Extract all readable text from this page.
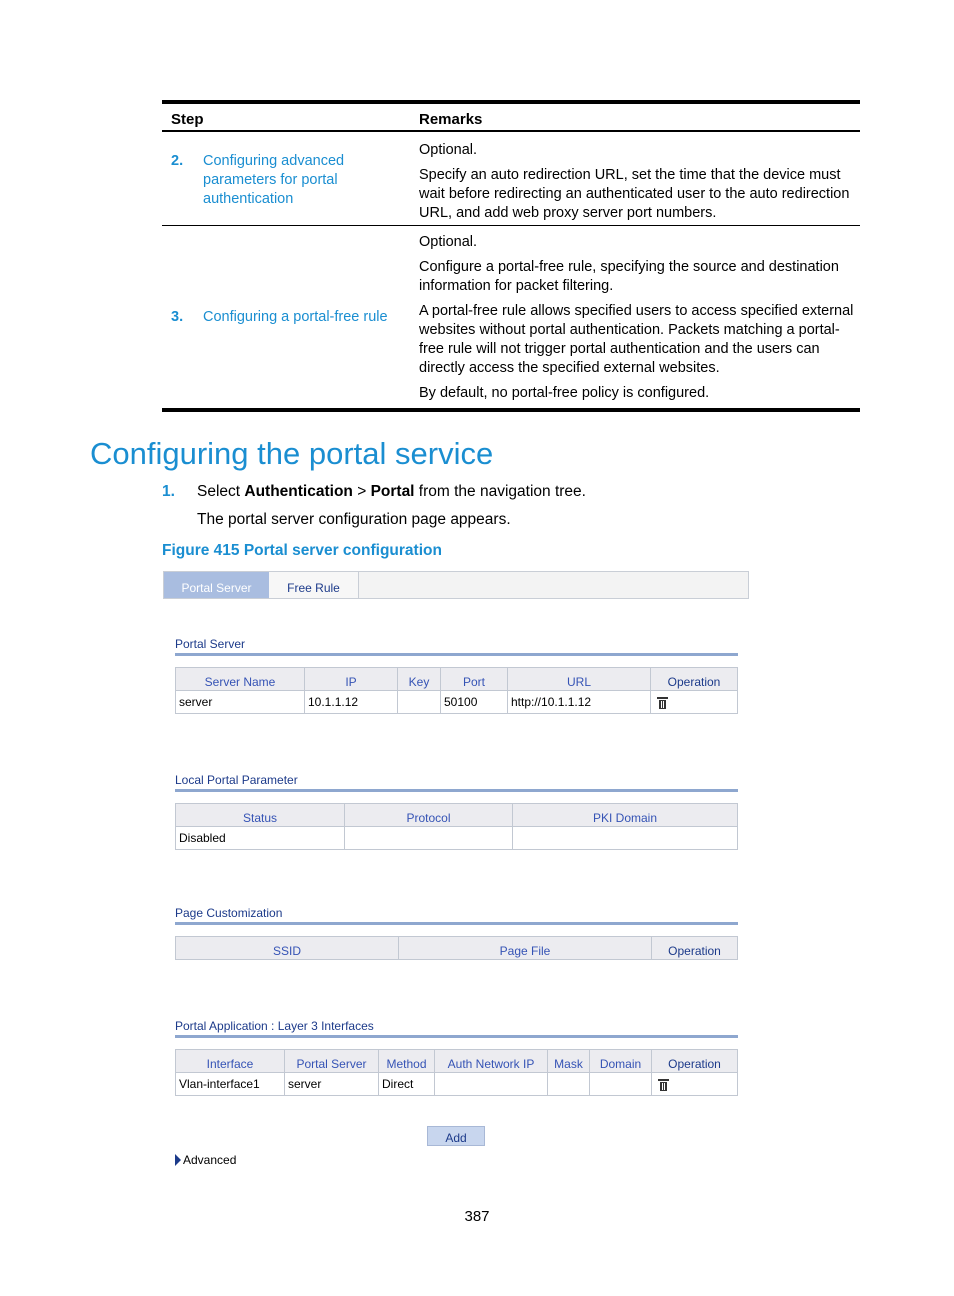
Step	Remarks
2.	Configuring advanced parameters for portal authentication

Optional.

Specify an auto redirection URL, set the time that the device must wait before redirecting an authenticated user to the auto redirection URL, and add web proxy server port numbers.

3.	Configuring a portal-free rule

Optional.

Configure a portal-free rule, specifying the source and destination information for packet filtering.

A portal-free rule allows specified users to access specified external websites without portal authentication. Packets matching a portal-free rule will not trigger portal authentication and the users can directly access the specified external websites.

By default, no portal-free policy is configured.

Configuring the portal service
1.	Select Authentication > Portal from the navigation tree.
The portal server configuration page appears.
Figure 415 Portal server configuration
Portal Server	Free Rule
Portal Server
Server Name	IP	Key	Port	URL	Operation
server	10.1.1.12		50100	http://10.1.1.12	
Local Portal Parameter
Status	Protocol	PKI Domain
Disabled		
Page Customization
SSID	Page File	Operation
Portal Application : Layer 3 Interfaces
Interface	Portal Server	Method	Auth Network IP	Mask	Domain	Operation
Vlan-interface1	server	Direct				
Add
Advanced
387
